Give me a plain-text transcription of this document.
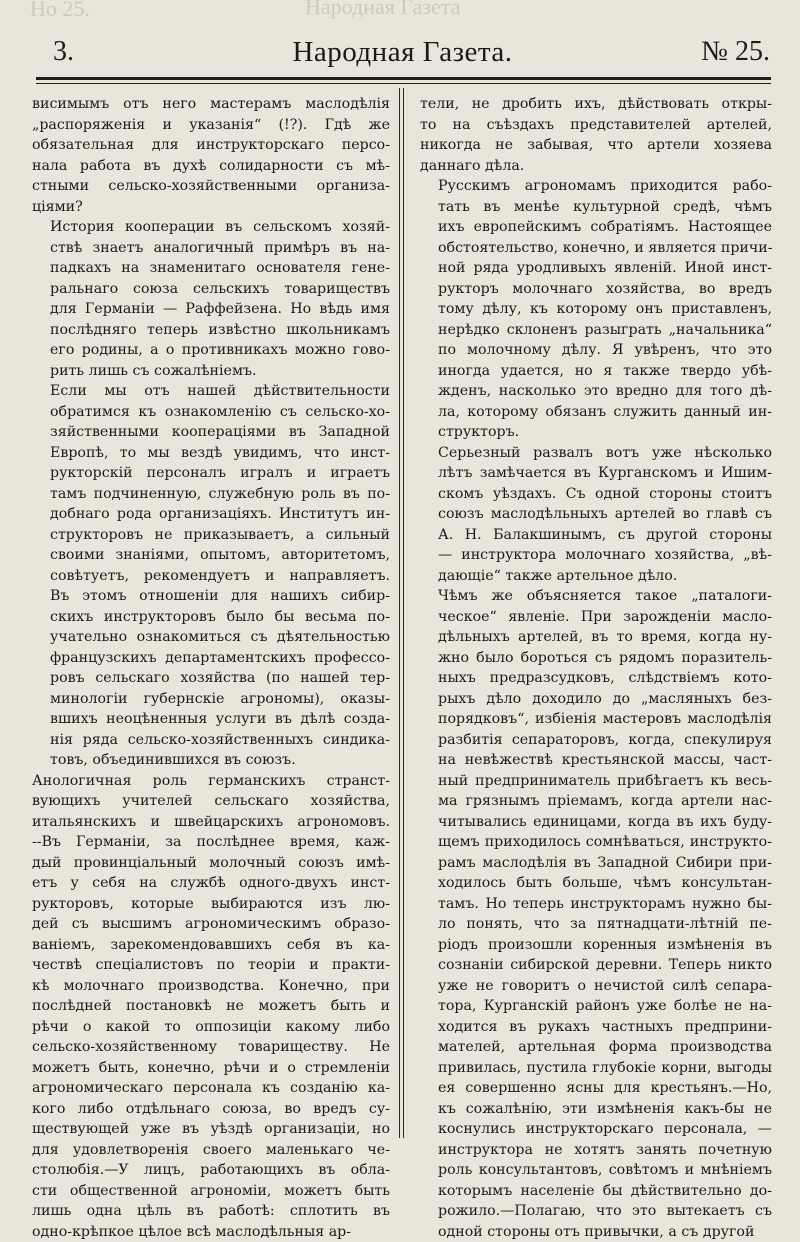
Но 25.	Народная Газета
3.	Народная Газета.	№ 25.

висимымъ отъ него мастерамъ маслодѣлія
„распоряженія и указанія“ (!?). Гдѣ же
обязательная для инструкторскаго персо-
нала работа въ духѣ солидарности съ мѣ-
стными сельско-хозяйственными организа-
ціями?

История кооперации въ сельскомъ хозяй-
ствѣ знаетъ аналогичный примѣръ въ на-
падкахъ на знаменитаго основателя гене-
ральнаго союза сельскихъ товариществъ
для Германіи — Раффейзена. Но вѣдь имя
послѣдняго теперь извѣстно школьникамъ
его родины, а о противникахъ можно гово-
рить лишь съ сожалѣніемъ.

Если мы отъ нашей дѣйствительности
обратимся къ ознакомленію съ сельско-хо-
зяйственными кооперацiями въ Западной
Европѣ, то мы вездѣ увидимъ, что инст-
рукторскій персоналъ игралъ и играетъ
тамъ подчиненную, служебную роль въ по-
добнаго рода организаціяхъ. Институтъ ин-
структоровъ не приказываетъ, а сильный
своими знаніями, опытомъ, авторитетомъ,
совѣтуетъ, рекомендуетъ и направляетъ.
Въ этомъ отношеніи для нашихъ сибир-
скихъ инструкторовъ было бы весьма по-
учательно ознакомиться съ дѣятельностью
французскихъ департаментскихъ профессо-
ровъ сельскаго хозяйства (по нашей тер-
минологіи губернскіе агрономы), оказы-
вшихъ неоцѣненныя услуги въ дѣлѣ созда-
нія ряда сельско-хозяйственныхъ синдика-
товъ, объединившихся въ союзъ.

Анологичная роль германскихъ странст-
вующихъ учителей сельскаго хозяйства,
итальянскихъ и швейцарскихъ агрономовъ.
--Въ Германіи, за послѣднее время, каж-
дый провинціальный молочный союзъ имѣ-
етъ у себя на службѣ одного-двухъ инст-
рукторовъ, которые выбираются изъ лю-
дей съ высшимъ агрономическимъ образо-
ваніемъ, зарекомендовавшихъ себя въ ка-
чествѣ спеціалистовъ по теоріи и практи-
кѣ молочнаго производства. Конечно, при
послѣдней постановкѣ не можетъ быть и
рѣчи о какой то оппозиціи какому либо
сельско-хозяйственному товариществу. Не
можетъ быть, конечно, рѣчи и о стремленіи
агрономическаго персонала къ созданію ка-
кого либо отдѣльнаго союза, во вредъ су-
ществующей уже въ уѣздѣ организаціи, но
для удовлетворенія своего маленькаго че-
столюбія.—У лицъ, работающихъ въ обла-
сти общественной агрономіи, можетъ быть
лишь одна цѣль въ работѣ: сплотить въ
одно-крѣпкое цѣлое всѣ маслодѣльныя ар-

тели, не дробить ихъ, дѣйствовать откры-
то на съѣздахъ представителей артелей,
никогда не забывая, что артели хозяева
даннаго дѣла.

Русскимъ агрономамъ приходится рабо-
тать въ менѣе культурной средѣ, чѣмъ
ихъ европейскимъ собратіямъ. Настоящее
обстоятельство, конечно, и является причи-
ной ряда уродливыхъ явленій. Иной инст-
рукторъ молочнаго хозяйства, во вредъ
тому дѣлу, къ которому онъ приставленъ,
нерѣдко склоненъ разыгрaть „начальника“
по молочному дѣлу. Я увѣренъ, что это
иногда удается, но я также твердо убѣ-
жденъ, насколько это вредно для того дѣ-
ла, которому обязанъ служить данный ин-
структоръ.

Серьезный развалъ вотъ уже нѣсколько
лѣтъ замѣчается въ Курганскомъ и Ишим-
скомъ уѣздахъ. Съ одной стороны стоитъ
союзъ маслодѣльныхъ артелей во главѣ съ
А. Н. Балакшинымъ, съ другой стороны
— инструктора молочнаго хозяйства, „вѣ-
дающіе“ также артельное дѣло.

Чѣмъ же объясняется такое „паталоги-
ческое“ явленіе. При зарожденіи масло-
дѣльныхъ артелей, въ то время, когда ну-
жно было бороться съ рядомъ поразитель-
ныхъ предразсудковъ, слѣдствіемъ кото-
рыхъ дѣло доходило до „масляныхъ без-
порядковъ“, избіенія мастеровъ маслодѣлія
разбитія сепараторовъ, когда, спекулируя
на невѣжествѣ крестьянской массы, част-
ный предприниматель прибѣгаетъ къ весь-
ма грязнымъ пріемамъ, когда артели нас-
читывались единицами, когда въ ихъ буду-
щемъ приходилось сомнѣваться, инструкто-
рамъ маслодѣлія въ Западной Сибири при-
ходилось быть больше, чѣмъ консультан-
тамъ. Но теперь инструкторамъ нужно бы-
ло понять, что за пятнадцати-лѣтній пе-
ріодъ произошли коренныя измѣненія въ
сознаніи сибирской деревни. Теперь никто
уже не говоритъ о нечистой силѣ сепара-
тора, Курганскій районъ уже болѣе не на-
ходится въ рукахъ частныхъ предприни-
мателей, артельная форма производства
привилась, пустила глубокіе корни, выгоды
ея совершенно ясны для крестьянъ.—Но,
къ сожалѣнію, эти измѣненія какъ-бы не
коснулись инструкторскаго персонала, —
инструктора не хотятъ занять почетную
роль консультантовъ, совѣтомъ и мнѣніемъ
которымъ населеніе бы дѣйствительно до-
рожило.—Полагаю, что это вытекаетъ съ
одной стороны отъ привычки, а съ другой
